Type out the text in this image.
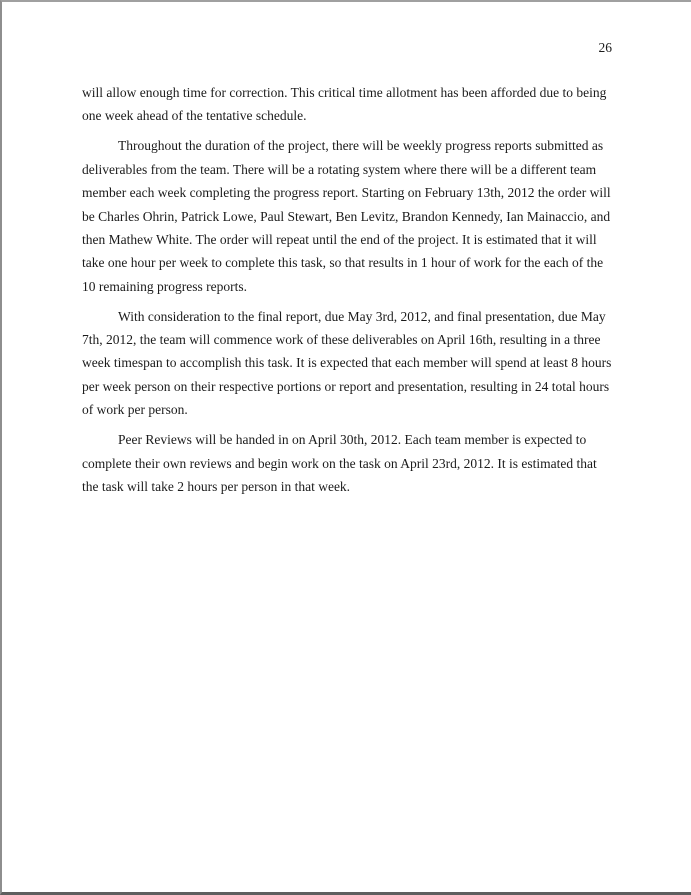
26

will allow enough time for correction. This critical time allotment has been afforded due to being one week ahead of the tentative schedule.

Throughout the duration of the project, there will be weekly progress reports submitted as deliverables from the team. There will be a rotating system where there will be a different team member each week completing the progress report. Starting on February 13th, 2012 the order will be Charles Ohrin, Patrick Lowe, Paul Stewart, Ben Levitz, Brandon Kennedy, Ian Mainaccio, and then Mathew White. The order will repeat until the end of the project. It is estimated that it will take one hour per week to complete this task, so that results in 1 hour of work for the each of the 10 remaining progress reports.

With consideration to the final report, due May 3rd, 2012, and final presentation, due May 7th, 2012, the team will commence work of these deliverables on April 16th, resulting in a three week timespan to accomplish this task. It is expected that each member will spend at least 8 hours per week person on their respective portions or report and presentation, resulting in 24 total hours of work per person.

Peer Reviews will be handed in on April 30th, 2012. Each team member is expected to complete their own reviews and begin work on the task on April 23rd, 2012. It is estimated that the task will take 2 hours per person in that week.
